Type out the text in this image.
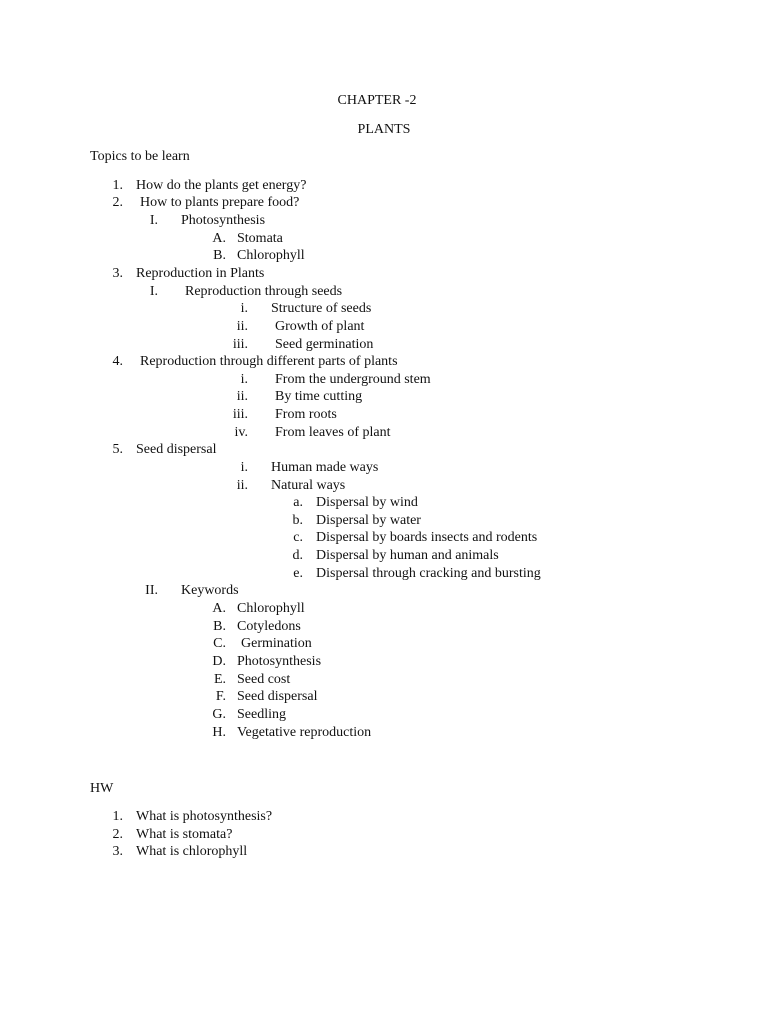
CHAPTER -2
PLANTS
Topics to be learn
1. How do the plants get energy?
2. How to plants prepare food?
I. Photosynthesis
A. Stomata
B. Chlorophyll
3. Reproduction in Plants
I. Reproduction through seeds
i. Structure of seeds
ii. Growth of plant
iii. Seed germination
4. Reproduction through different parts of plants
i. From the underground stem
ii. By time cutting
iii. From roots
iv. From leaves of plant
5. Seed dispersal
i. Human made ways
ii. Natural ways
a. Dispersal by wind
b. Dispersal by water
c. Dispersal by boards insects and rodents
d. Dispersal by human and animals
e. Dispersal through cracking and bursting
II. Keywords
A. Chlorophyll
B. Cotyledons
C. Germination
D. Photosynthesis
E. Seed cost
F. Seed dispersal
G. Seedling
H. Vegetative reproduction
HW
1. What is photosynthesis?
2. What is stomata?
3. What is chlorophyll
